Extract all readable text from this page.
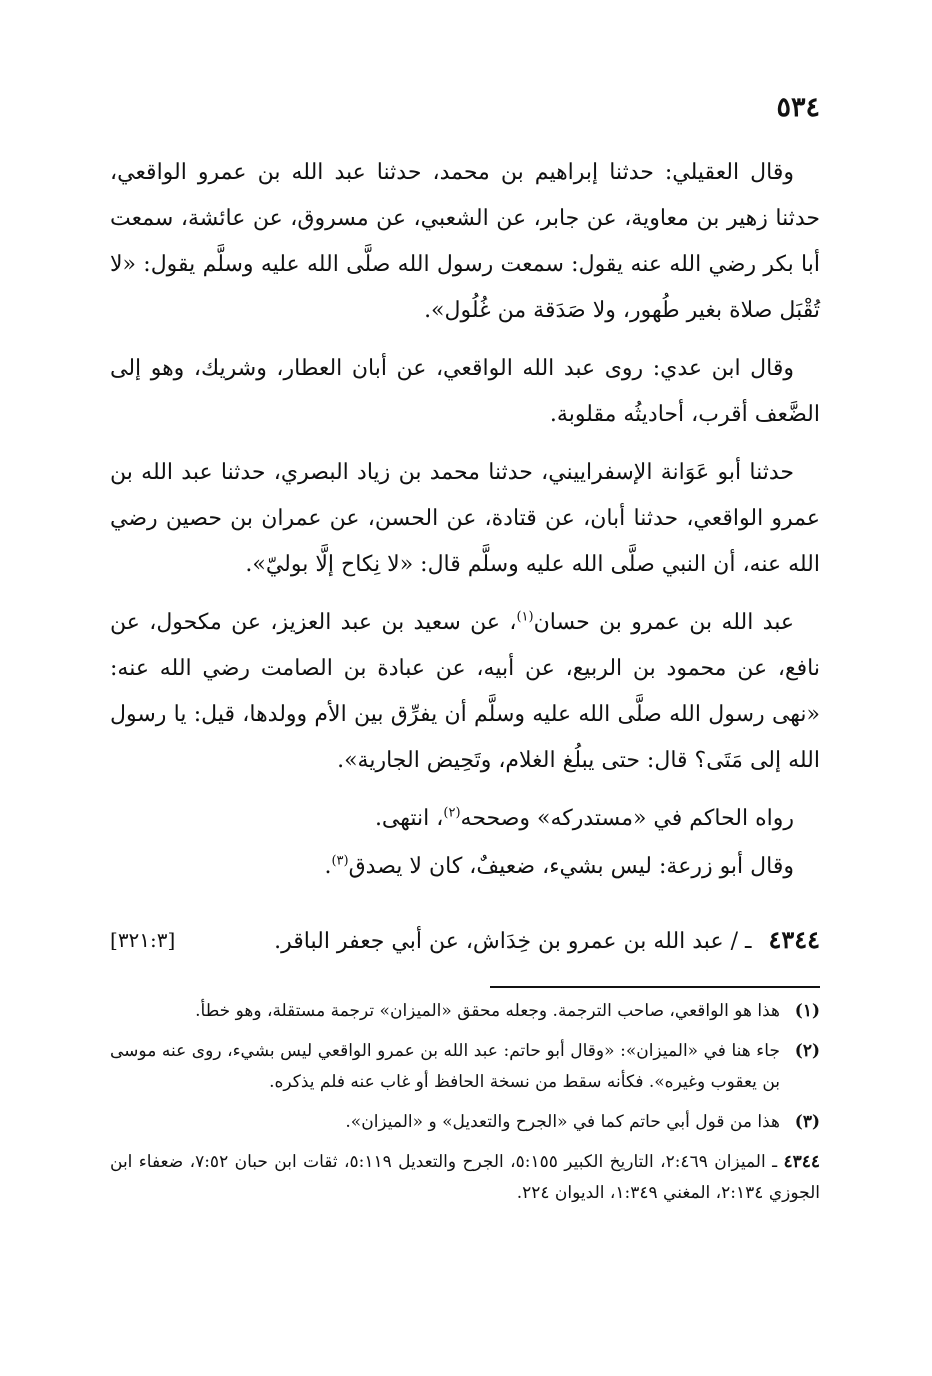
٥٣٤

وقال العقيلي: حدثنا إبراهيم بن محمد، حدثنا عبد الله بن عمرو الواقعي، حدثنا زهير بن معاوية، عن جابر، عن الشعبي، عن مسروق، عن عائشة، سمعت أبا بكر رضي الله عنه يقول: سمعت رسول الله صلَّى الله عليه وسلَّم يقول: «لا تُقْبَل صلاة بغير طُهور، ولا صَدَقة من غُلُول».

وقال ابن عدي: روى عبد الله الواقعي، عن أبان العطار، وشريك، وهو إلى الضَّعف أقرب، أحاديثُه مقلوبة.

حدثنا أبو عَوَانة الإسفراييني، حدثنا محمد بن زياد البصري، حدثنا عبد الله بن عمرو الواقعي، حدثنا أبان، عن قتادة، عن الحسن، عن عمران بن حصين رضي الله عنه، أن النبي صلَّى الله عليه وسلَّم قال: «لا نِكاح إلَّا بوليّ».

عبد الله بن عمرو بن حسان$^{(١)}$، عن سعيد بن عبد العزيز، عن مكحول، عن نافع، عن محمود بن الربيع، عن أبيه، عن عبادة بن الصامت رضي الله عنه: «نهى رسول الله صلَّى الله عليه وسلَّم أن يفرِّق بين الأم وولدها، قيل: يا رسول الله إلى مَتَى؟ قال: حتى يبلُغ الغلام، وتَحِيض الجارية».

رواه الحاكم في «مستدركه» وصححه$^{(٢)}$، انتهى.

وقال أبو زرعة: ليس بشيء، ضعيفٌ، كان لا يصدق$^{(٣)}$.

٤٣٤٤ ـ / عبد الله بن عمرو بن خِدَاش، عن أبي جعفر الباقر.
[٣٢١:٣]

(١)
هذا هو الواقعي، صاحب الترجمة. وجعله محقق «الميزان» ترجمة مستقلة، وهو خطأ.

(٢)
جاء هنا في «الميزان»: «وقال أبو حاتم: عبد الله بن عمرو الواقعي ليس بشيء، روى عنه موسى بن يعقوب وغيره». فكأنه سقط من نسخة الحافظ أو غاب عنه فلم يذكره.

(٣)
هذا من قول أبي حاتم كما في «الجرح والتعديل» و «الميزان».

٤٣٤٤ ـ الميزان ٢:٤٦٩، التاريخ الكبير ٥:١٥٥، الجرح والتعديل ٥:١١٩، ثقات ابن حبان ٧:٥٢، ضعفاء ابن الجوزي ٢:١٣٤، المغني ١:٣٤٩، الديوان ٢٢٤.
